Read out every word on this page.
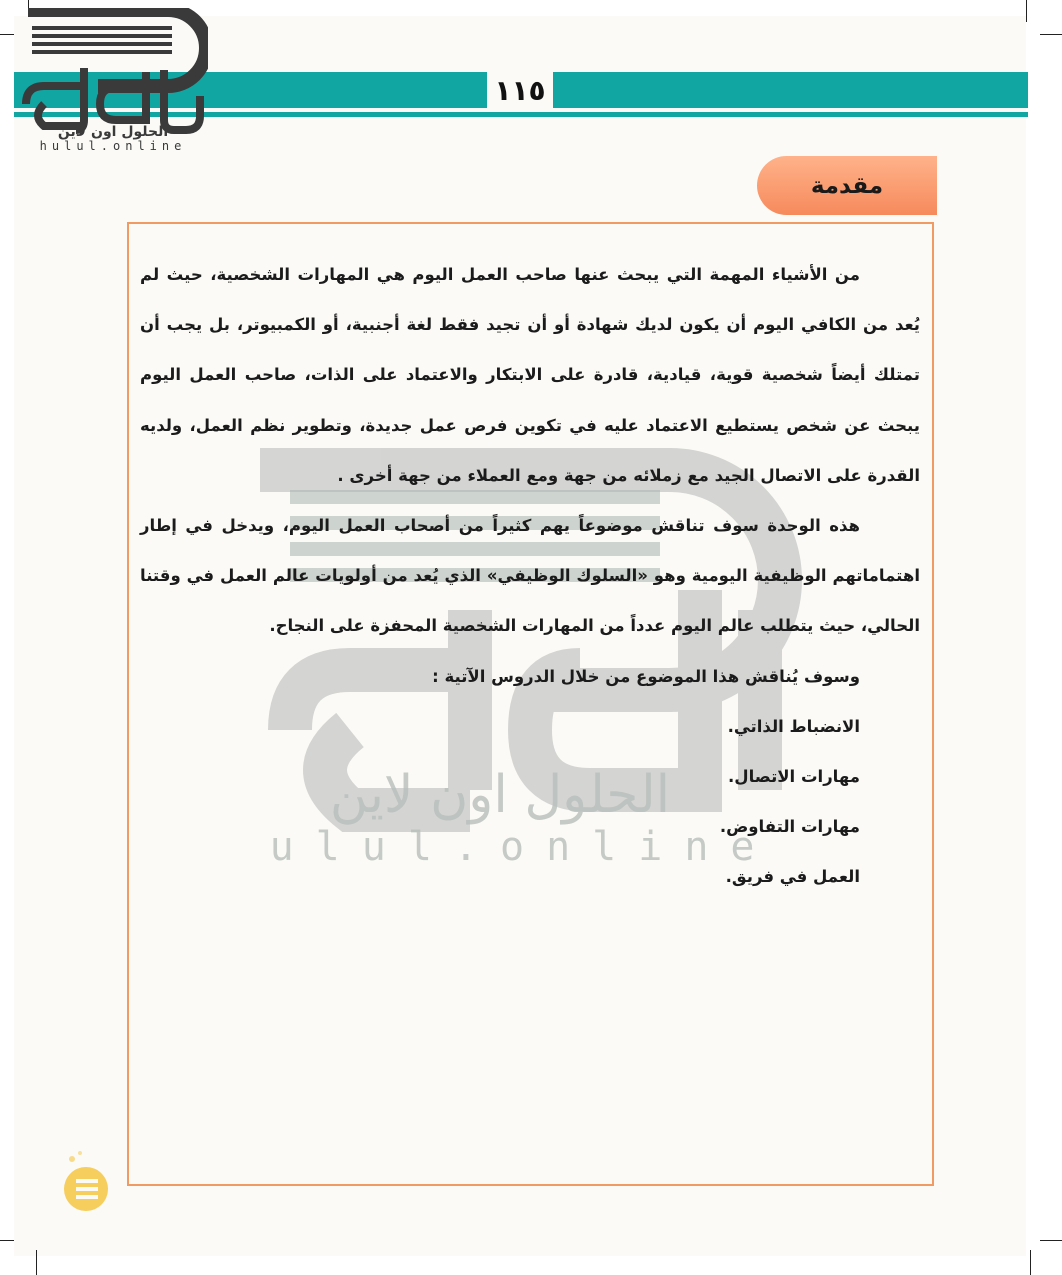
١١٥
الحلول اون لاين
hulul.online
مقدمة
الحلول اون لاين
hulul.online

من الأشياء المهمة التي يبحث عنها صاحب العمل اليوم هي المهارات الشخصية، حيث لم يُعد من الكافي اليوم أن يكون لديك شهادة أو أن تجيد فقط لغة أجنبية، أو الكمبيوتر، بل يجب أن تمتلك أيضاً شخصية قوية، قيادية، قادرة على الابتكار والاعتماد على الذات، صاحب العمل اليوم يبحث عن شخص يستطيع الاعتماد عليه في تكوين فرص عمل جديدة، وتطوير نظم العمل، ولديه القدرة على الاتصال الجيد مع زملائه من جهة ومع العملاء من جهة أخرى .

هذه الوحدة سوف تناقش موضوعاً يهم كثيراً من أصحاب العمل اليوم، ويدخل في إطار اهتماماتهم الوظيفية اليومية وهو «السلوك الوظيفي» الذي يُعد من أولويات عالم العمل في وقتنا الحالي، حيث يتطلب عالم اليوم عدداً من المهارات الشخصية المحفزة على النجاح.

وسوف يُناقش هذا الموضوع من خلال الدروس الآتية :
الانضباط الذاتي.
مهارات الاتصال.
مهارات التفاوض.
العمل في فريق.
